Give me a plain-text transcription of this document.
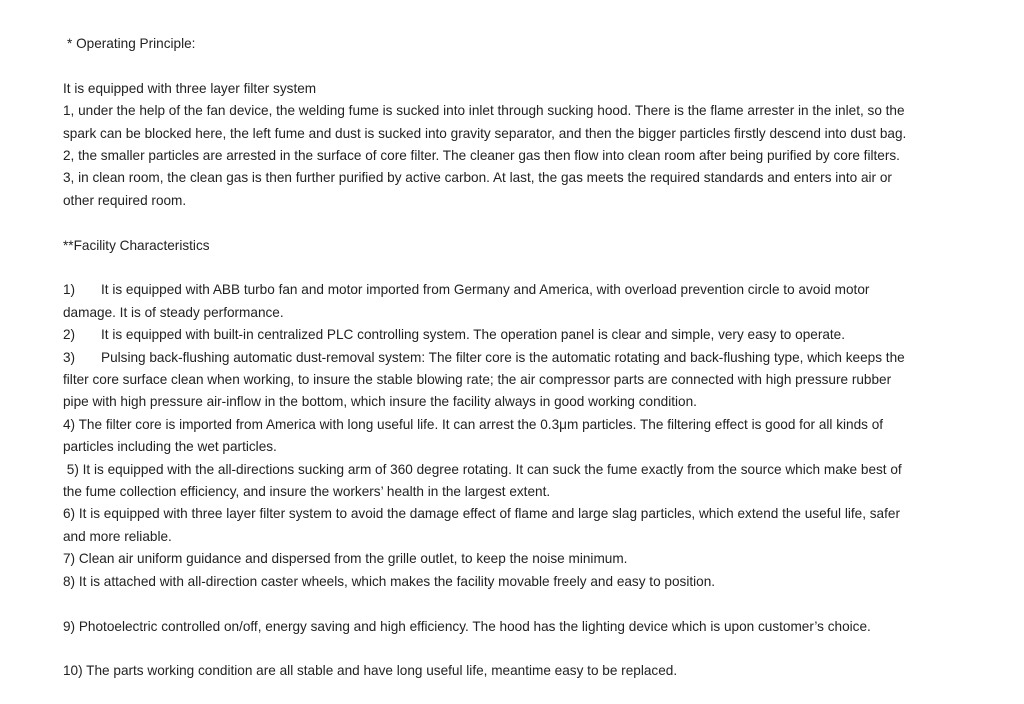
* Operating Principle:

It is equipped with three layer filter system

1, under the help of the fan device, the welding fume is sucked into inlet through sucking hood. There is the flame arrester in the inlet, so the

spark can be blocked here, the left fume and dust is sucked into gravity separator, and then the bigger particles firstly descend into dust bag.

2, the smaller particles are arrested in the surface of core filter. The cleaner gas then flow into clean room after being purified by core filters.

3, in clean room, the clean gas is then further purified by active carbon. At last, the gas meets the required standards and enters into air or

other required room.

**Facility Characteristics

1) It is equipped with ABB turbo fan and motor imported from Germany and America, with overload prevention circle to avoid motor

damage. It is of steady performance.

2) It is equipped with built-in centralized PLC controlling system. The operation panel is clear and simple, very easy to operate.

3) Pulsing back-flushing automatic dust-removal system: The filter core is the automatic rotating and back-flushing type, which keeps the

filter core surface clean when working, to insure the stable blowing rate; the air compressor parts are connected with high pressure rubber

pipe with high pressure air-inflow in the bottom, which insure the facility always in good working condition.

4) The filter core is imported from America with long useful life. It can arrest the 0.3μm particles. The filtering effect is good for all kinds of

particles including the wet particles.

5) It is equipped with the all-directions sucking arm of 360 degree rotating. It can suck the fume exactly from the source which make best of

the fume collection efficiency, and insure the workers’ health in the largest extent.

6) It is equipped with three layer filter system to avoid the damage effect of flame and large slag particles, which extend the useful life, safer

and more reliable.

7) Clean air uniform guidance and dispersed from the grille outlet, to keep the noise minimum.

8) It is attached with all-direction caster wheels, which makes the facility movable freely and easy to position.

9) Photoelectric controlled on/off, energy saving and high efficiency. The hood has the lighting device which is upon customer’s choice.

10) The parts working condition are all stable and have long useful life, meantime easy to be replaced.
